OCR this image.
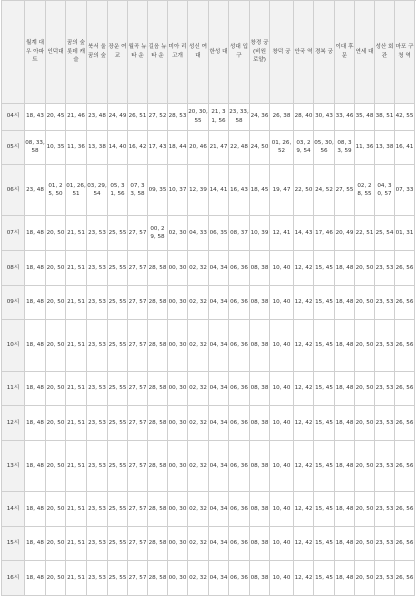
	월계 대우 아파트	인덕대	꿈의 숲 롯데 캐슬	북서 울 꿈의 숲	장운 여교	월곡 뉴타 운	길음 뉴타 운	미아 리 고개	성신 여대	한성 대	성대 입구	창경 궁 (비원 로얄)	창덕 궁	안국 역	경복 궁	이대 후문	연세 대	성산 회관	마포 구청 역	

04시	18, 43	20, 45	21, 46	23, 48	24, 49	26, 51	27, 52	28, 53	20, 30, 55	21, 31, 56	23, 33, 58	24, 36	26, 38	28, 40	30, 43	33, 46	35, 48	38, 51	42, 55		
05시	08, 33, 58	10, 35	11, 36	13, 38	14, 40	16, 42	17, 43	18, 44	20, 46	21, 47	22, 48	24, 50	01, 26, 52	03, 29, 54	05, 30, 56	08, 33, 59	11, 36	13, 38	16, 41			
06시	23, 48	01, 25, 50	01, 26, 51	03, 29, 54	05, 31, 56	07, 33, 58	09, 35	10, 37	12, 39	14, 41	16, 43	18, 45	19, 47	22, 50	24, 52	27, 55	02, 28, 55	04, 30, 57	07, 33			
07시	18, 48	20, 50	21, 51	23, 53	25, 55	27, 57	00, 29, 58	02, 30	04, 33	06, 35	08, 37	10, 39	12, 41	14, 43	17, 46	20, 49	22, 51	25, 54	01, 31			
08시	18, 48	20, 50	21, 51	23, 53	25, 55	27, 57	28, 58	00, 30	02, 32	04, 34	06, 36	08, 38	10, 40	12, 42	15, 45	18, 48	20, 50	23, 53	26, 56			
09시	18, 48	20, 50	21, 51	23, 53	25, 55	27, 57	28, 58	00, 30	02, 32	04, 34	06, 36	08, 38	10, 40	12, 42	15, 45	18, 48	20, 50	23, 53	26, 56			
10시	18, 48	20, 50	21, 51	23, 53	25, 55	27, 57	28, 58	00, 30	02, 32	04, 34	06, 36	08, 38	10, 40	12, 42	15, 45	18, 48	20, 50	23, 53	26, 56			
11시	18, 48	20, 50	21, 51	23, 53	25, 55	27, 57	28, 58	00, 30	02, 32	04, 34	06, 36	08, 38	10, 40	12, 42	15, 45	18, 48	20, 50	23, 53	26, 56			
12시	18, 48	20, 50	21, 51	23, 53	25, 55	27, 57	28, 58	00, 30	02, 32	04, 34	06, 36	08, 38	10, 40	12, 42	15, 45	18, 48	20, 50	23, 53	26, 56			
13시	18, 48	20, 50	21, 51	23, 53	25, 55	27, 57	28, 58	00, 30	02, 32	04, 34	06, 36	08, 38	10, 40	12, 42	15, 45	18, 48	20, 50	23, 53	26, 56			
14시	18, 48	20, 50	21, 51	23, 53	25, 55	27, 57	28, 58	00, 30	02, 32	04, 34	06, 36	08, 38	10, 40	12, 42	15, 45	18, 48	20, 50	23, 53	26, 56			
15시	18, 48	20, 50	21, 51	23, 53	25, 55	27, 57	28, 58	00, 30	02, 32	04, 34	06, 36	08, 38	10, 40	12, 42	15, 45	18, 48	20, 50	23, 53	26, 56			
16시	18, 48	20, 50	21, 51	23, 53	25, 55	27, 57	28, 58	00, 30	02, 32	04, 34	06, 36	08, 38	10, 40	12, 42	15, 45	18, 48	20, 50	23, 53	26, 56			
